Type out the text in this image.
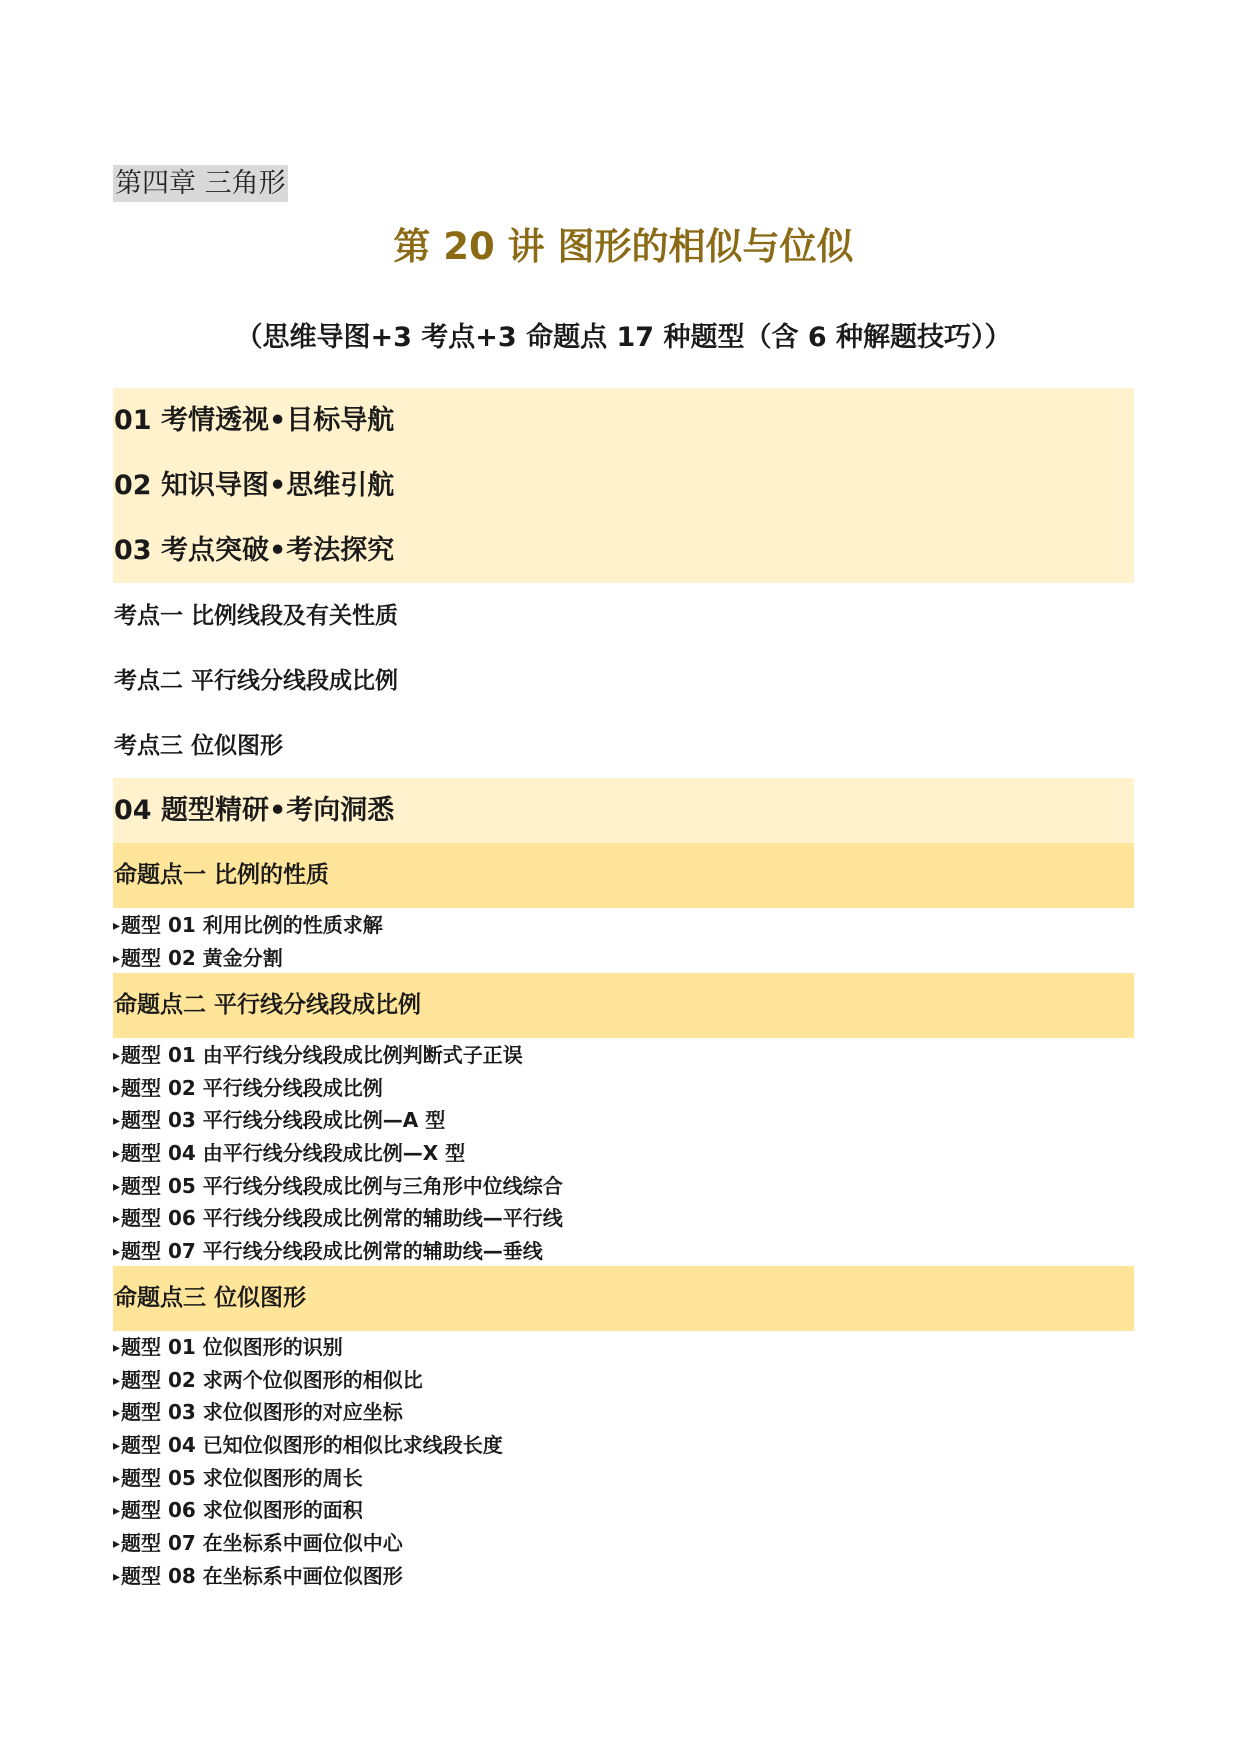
第四章 三角形
第 20 讲 图形的相似与位似
（思维导图+3 考点+3 命题点 17 种题型（含 6 种解题技巧））
01 考情透视•目标导航
02 知识导图•思维引航
03 考点突破•考法探究
考点一 比例线段及有关性质
考点二 平行线分线段成比例
考点三 位似图形
04 题型精研•考向洞悉
命题点一 比例的性质
▸题型 01 利用比例的性质求解
▸题型 02 黄金分割
命题点二 平行线分线段成比例
▸题型 01 由平行线分线段成比例判断式子正误
▸题型 02 平行线分线段成比例
▸题型 03 平行线分线段成比例—A 型
▸题型 04 由平行线分线段成比例—X 型
▸题型 05 平行线分线段成比例与三角形中位线综合
▸题型 06 平行线分线段成比例常的辅助线—平行线
▸题型 07 平行线分线段成比例常的辅助线—垂线
命题点三 位似图形
▸题型 01 位似图形的识别
▸题型 02 求两个位似图形的相似比
▸题型 03 求位似图形的对应坐标
▸题型 04 已知位似图形的相似比求线段长度
▸题型 05 求位似图形的周长
▸题型 06 求位似图形的面积
▸题型 07 在坐标系中画位似中心
▸题型 08 在坐标系中画位似图形
